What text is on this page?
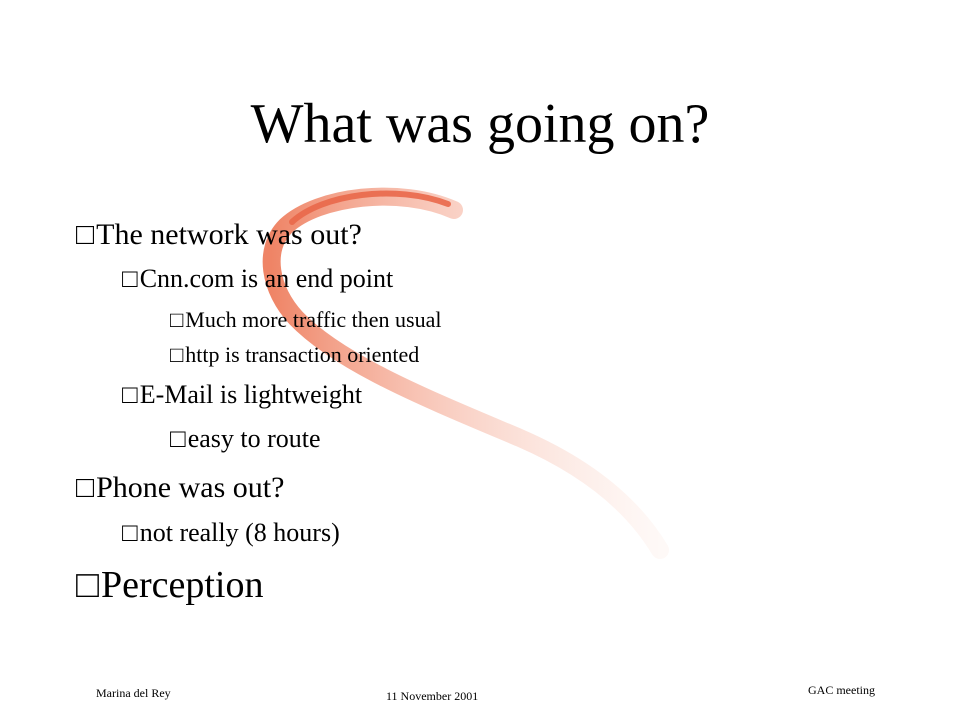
What was going on?
□The network was out?
□Cnn.com is an end point
□Much more traffic then usual
□http is transaction oriented
□E-Mail is lightweight
□easy to route
□Phone was out?
□not really (8 hours)
□Perception
Marina del Rey	11 November 2001	GAC meeting
